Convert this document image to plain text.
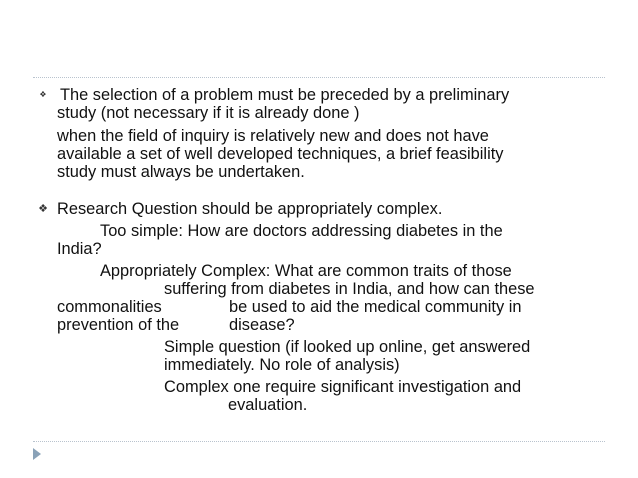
❖ The selection of a problem must be preceded by a preliminary

study (not necessary if it is already done )

when the field of inquiry is relatively new and does not have

available a set of well developed techniques, a brief feasibility

study must always be undertaken.

❖ Research Question should be appropriately complex.

Too simple: How are doctors addressing diabetes in the

India?

Appropriately Complex: What are common traits of those

suffering from diabetes in India, and how can these

commonalities	be used to aid the medical community in

prevention of the	disease?

Simple question (if looked up online, get answered

immediately. No role of analysis)

Complex one require significant investigation and

evaluation.
